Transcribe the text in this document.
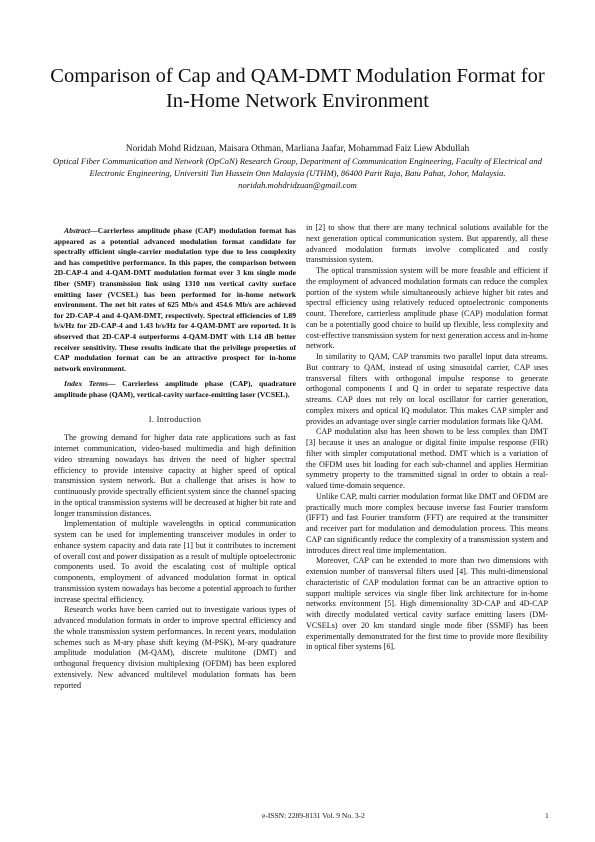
Comparison of Cap and QAM-DMT Modulation Format for In-Home Network Environment
Noridah Mohd Ridzuan, Maisara Othman, Marliana Jaafar, Mohammad Faiz Liew Abdullah
Optical Fiber Communication and Network (OpCoN) Research Group, Department of Communication Engineering, Faculty of Electrical and Electronic Engineering, Universiti Tun Hussein Onn Malaysia (UTHM), 86400 Parit Raja, Batu Pahat, Johor, Malaysia.
noridah.mohdridzuan@gmail.com

Abstract—Carrierless amplitude phase (CAP) modulation format has appeared as a potential advanced modulation format candidate for spectrally efficient single-carrier modulation type due to less complexity and has competitive performance. In this paper, the comparison between 2D-CAP-4 and 4-QAM-DMT modulation format over 3 km single mode fiber (SMF) transmission link using 1310 nm vertical cavity surface emitting laser (VCSEL) has been performed for in-home network environment. The net bit rates of 625 Mb/s and 454.6 Mb/s are achieved for 2D-CAP-4 and 4-QAM-DMT, respectively. Spectral efficiencies of 1.89 b/s/Hz for 2D-CAP-4 and 1.43 b/s/Hz for 4-QAM-DMT are reported. It is observed that 2D-CAP-4 outperforms 4-QAM-DMT with 1.14 dB better receiver sensitivity. These results indicate that the privilege properties of CAP modulation format can be an attractive prospect for in-home network environment.

Index Terms— Carrierless amplitude phase (CAP), quadrature amplitude phase (QAM), vertical-cavity surface-emitting laser (VCSEL).

I. Introduction

The growing demand for higher data rate applications such as fast internet communication, video-based multimedia and high definition video streaming nowadays has driven the need of higher spectral efficiency to provide intensive capacity at higher speed of optical transmission system network. But a challenge that arises is how to continuously provide spectrally efficient system since the channel spacing in the optical transmission systems will be decreased at higher bit rate and longer transmission distances.

Implementation of multiple wavelengths in optical communication system can be used for implementing transceiver modules in order to enhance system capacity and data rate [1] but it contributes to increment of overall cost and power dissipation as a result of multiple optoelectronic components used. To avoid the escalating cost of multiple optical components, employment of advanced modulation format in optical transmission system nowadays has become a potential approach to further increase spectral efficiency.

Research works have been carried out to investigate various types of advanced modulation formats in order to improve spectral efficiency and the whole transmission system performances. In recent years, modulation schemes such as M-ary phase shift keying (M-PSK), M-ary quadrature amplitude modulation (M-QAM), discrete multitone (DMT) and orthogonal frequency division multiplexing (OFDM) has been explored extensively. New advanced multilevel modulation formats has been reported

in [2] to show that there are many technical solutions available for the next generation optical communication system. But apparently, all these advanced modulation formats involve complicated and costly transmission system.

The optical transmission system will be more feasible and efficient if the employment of advanced modulation formats can reduce the complex portion of the system while simultaneously achieve higher bit rates and spectral efficiency using relatively reduced optoelectronic components count. Therefore, carrierless amplitude phase (CAP) modulation format can be a potentially good choice to build up flexible, less complexity and cost-effective transmission system for next generation access and in-home network.

In similarity to QAM, CAP transmits two parallel input data streams. But contrary to QAM, instead of using sinusoidal carrier, CAP uses transversal filters with orthogonal impulse response to generate orthogonal components I and Q in order to separate respective data streams. CAP does not rely on local oscillator for carrier generation, complex mixers and optical IQ modulator. This makes CAP simpler and provides an advantage over single carrier modulation formats like QAM.

CAP modulation also has been shown to be less complex than DMT [3] because it uses an analogue or digital finite impulse response (FIR) filter with simpler computational method. DMT which is a variation of the OFDM uses bit loading for each sub-channel and applies Hermitian symmetry property to the transmitted signal in order to obtain a real-valued time-domain sequence.

Unlike CAP, multi carrier modulation format like DMT and OFDM are practically much more complex because inverse fast Fourier transform (IFFT) and fast Fourier transform (FFT) are required at the transmitter and receiver part for modulation and demodulation process. This means CAP can significantly reduce the complexity of a transmission system and introduces direct real time implementation.

Moreover, CAP can be extended to more than two dimensions with extension number of transversal filters used [4]. This multi-dimensional characteristic of CAP modulation format can be an attractive option to support multiple services via single fiber link architecture for in-home networks environment [5]. High dimensionality 3D-CAP and 4D-CAP with directly modulated vertical cavity surface emitting lasers (DM-VCSELs) over 20 km standard single mode fiber (SSMF) has been experimentally demonstrated for the first time to provide more flexibility in optical fiber systems [6].

e-ISSN: 2289-8131 Vol. 9 No. 3-2	1
